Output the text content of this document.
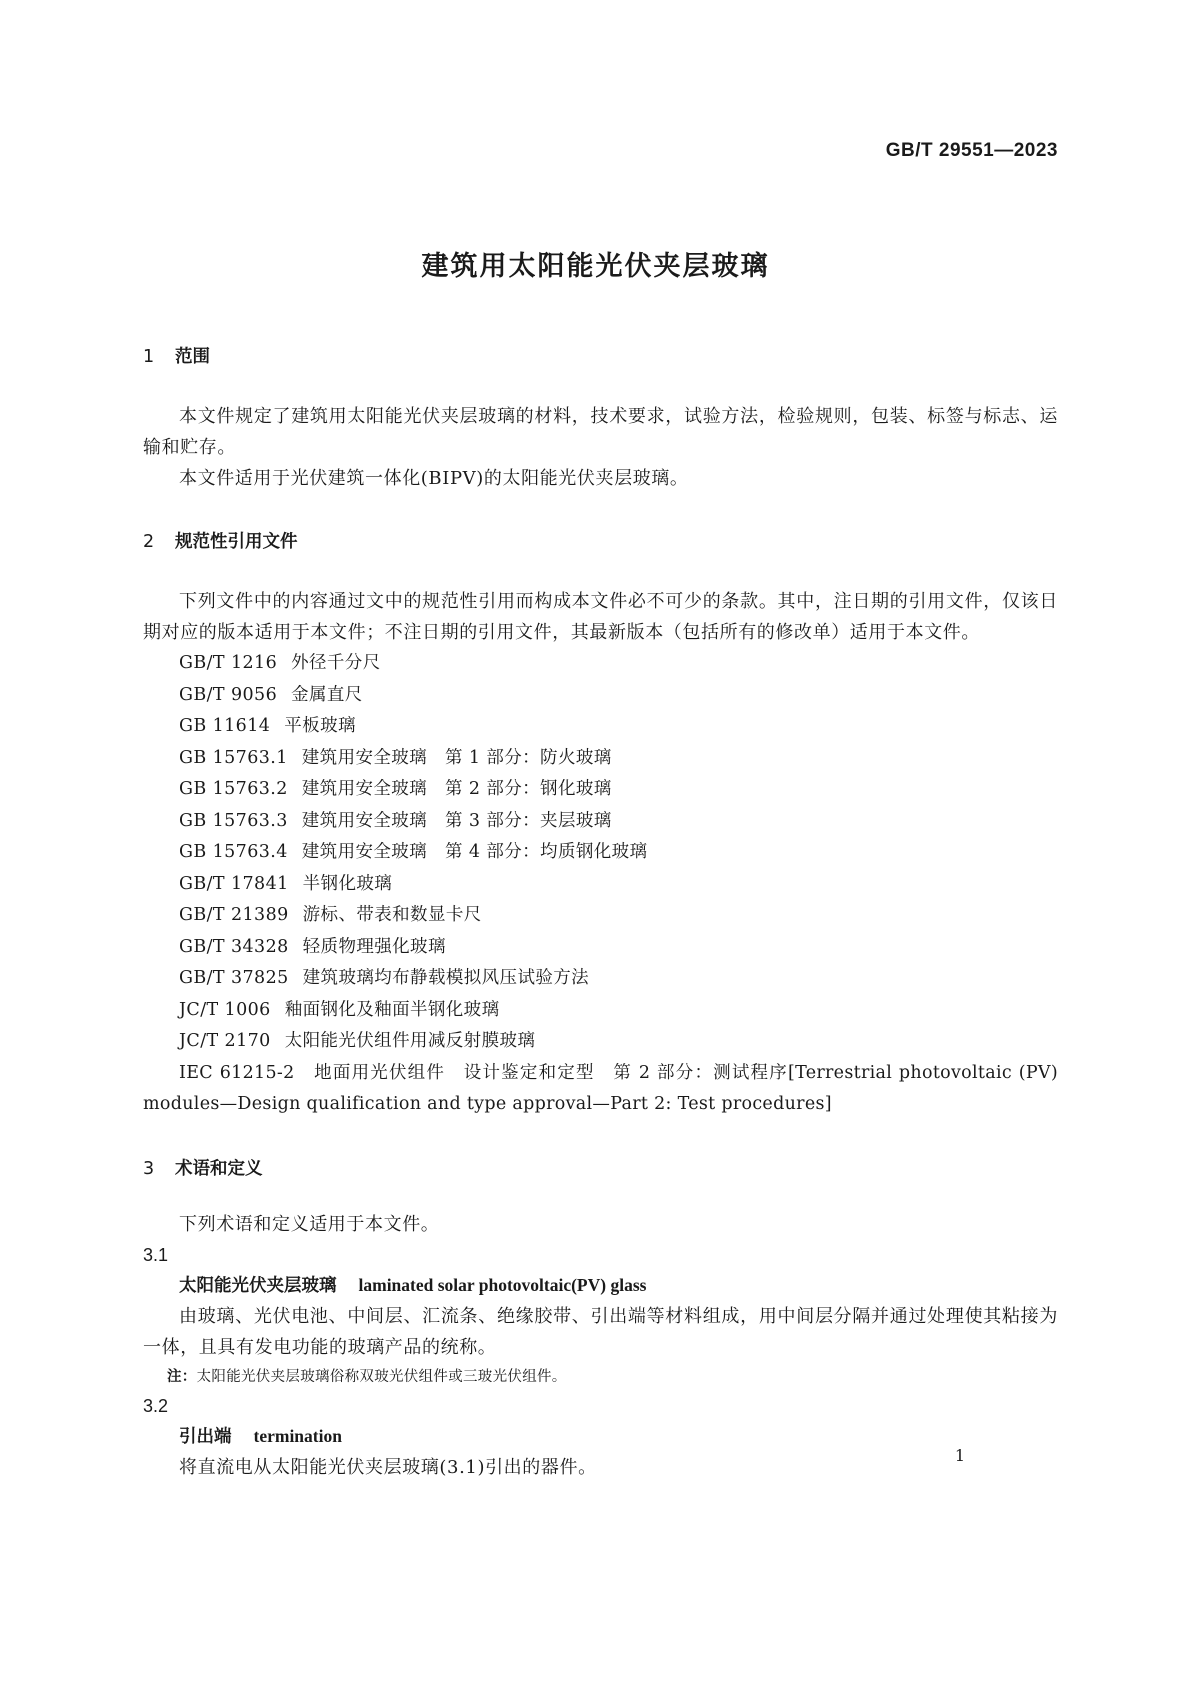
GB/T 29551—2023
建筑用太阳能光伏夹层玻璃
1 范围

本文件规定了建筑用太阳能光伏夹层玻璃的材料，技术要求，试验方法，检验规则，包装、标签与标志、运输和贮存。

本文件适用于光伏建筑一体化(BIPV)的太阳能光伏夹层玻璃。

2 规范性引用文件

下列文件中的内容通过文中的规范性引用而构成本文件必不可少的条款。其中，注日期的引用文件，仅该日期对应的版本适用于本文件；不注日期的引用文件，其最新版本（包括所有的修改单）适用于本文件。

GB/T 1216 外径千分尺

GB/T 9056 金属直尺

GB 11614 平板玻璃

GB 15763.1 建筑用安全玻璃　第 1 部分：防火玻璃

GB 15763.2 建筑用安全玻璃　第 2 部分：钢化玻璃

GB 15763.3 建筑用安全玻璃　第 3 部分：夹层玻璃

GB 15763.4 建筑用安全玻璃　第 4 部分：均质钢化玻璃

GB/T 17841 半钢化玻璃

GB/T 21389 游标、带表和数显卡尺

GB/T 34328 轻质物理强化玻璃

GB/T 37825 建筑玻璃均布静载模拟风压试验方法

JC/T 1006 釉面钢化及釉面半钢化玻璃

JC/T 2170 太阳能光伏组件用减反射膜玻璃

IEC 61215-2　地面用光伏组件　设计鉴定和定型　第 2 部分：测试程序[Terrestrial photovoltaic (PV) modules—Design qualification and type approval—Part 2: Test procedures]

3 术语和定义

下列术语和定义适用于本文件。

3.1

太阳能光伏夹层玻璃 laminated solar photovoltaic(PV) glass

由玻璃、光伏电池、中间层、汇流条、绝缘胶带、引出端等材料组成，用中间层分隔并通过处理使其粘接为一体，且具有发电功能的玻璃产品的统称。

注：太阳能光伏夹层玻璃俗称双玻光伏组件或三玻光伏组件。

3.2

引出端 termination

将直流电从太阳能光伏夹层玻璃(3.1)引出的器件。

1
